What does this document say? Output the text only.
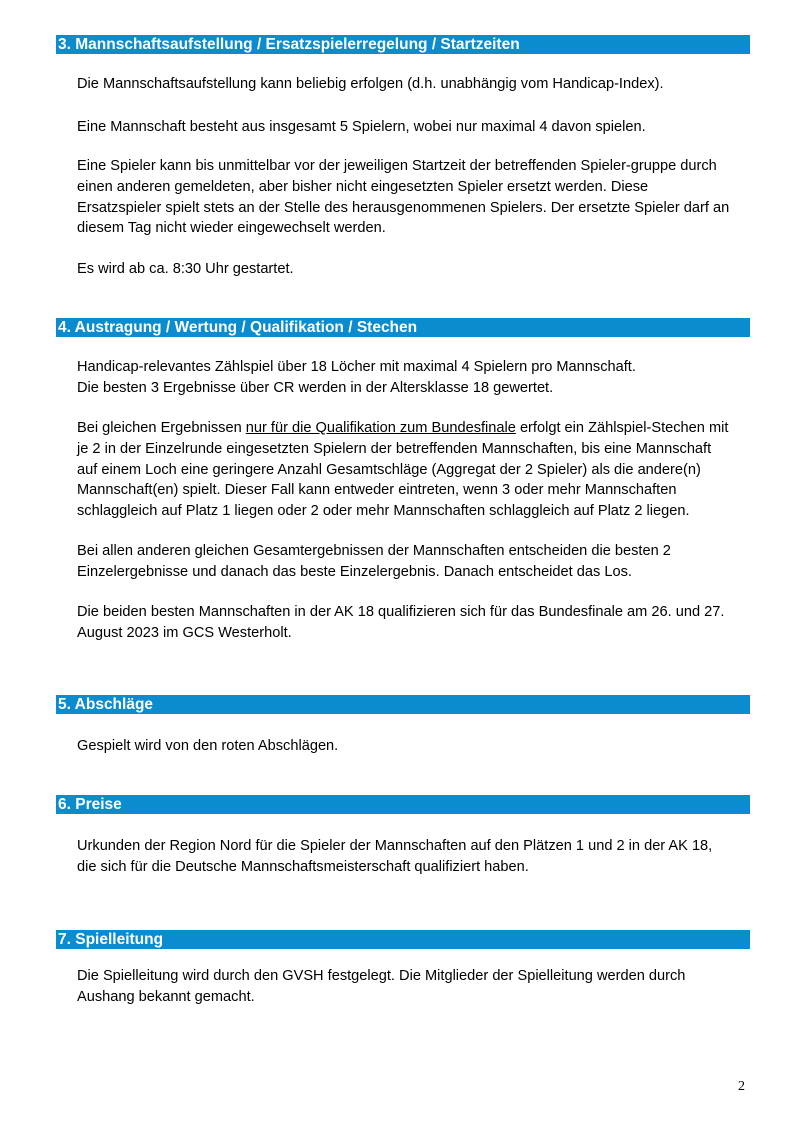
3. Mannschaftsaufstellung / Ersatzspielerregelung / Startzeiten
Die Mannschaftsaufstellung kann beliebig erfolgen (d.h. unabhängig vom Handicap-Index).
Eine Mannschaft besteht aus insgesamt 5 Spielern, wobei nur maximal 4 davon spielen.
Eine Spieler kann bis unmittelbar vor der jeweiligen Startzeit der betreffenden Spieler-gruppe durch
einen anderen gemeldeten, aber bisher nicht eingesetzten Spieler ersetzt werden. Diese
Ersatzspieler spielt stets an der Stelle des herausgenommenen Spielers. Der ersetzte Spieler darf an
diesem Tag nicht wieder eingewechselt werden.
Es wird ab ca. 8:30 Uhr gestartet.
4. Austragung / Wertung / Qualifikation / Stechen
Handicap-relevantes Zählspiel über 18 Löcher mit maximal 4 Spielern pro Mannschaft.
Die besten 3 Ergebnisse über CR werden in der Altersklasse 18 gewertet.
Bei gleichen Ergebnissen nur für die Qualifikation zum Bundesfinale erfolgt ein Zählspiel-Stechen mit
je 2 in der Einzelrunde eingesetzten Spielern der betreffenden Mannschaften, bis eine Mannschaft
auf einem Loch eine geringere Anzahl Gesamtschläge (Aggregat der 2 Spieler) als die andere(n)
Mannschaft(en) spielt. Dieser Fall kann entweder eintreten, wenn 3 oder mehr Mannschaften
schlaggleich auf Platz 1 liegen oder 2 oder mehr Mannschaften schlaggleich auf Platz 2 liegen.
Bei allen anderen gleichen Gesamtergebnissen der Mannschaften entscheiden die besten 2
Einzelergebnisse und danach das beste Einzelergebnis. Danach entscheidet das Los.
Die beiden besten Mannschaften in der AK 18 qualifizieren sich für das Bundesfinale am 26. und 27.
August 2023 im GCS Westerholt.
5. Abschläge
Gespielt wird von den roten Abschlägen.
6. Preise
Urkunden der Region Nord für die Spieler der Mannschaften auf den Plätzen 1 und 2 in der AK 18,
die sich für die Deutsche Mannschaftsmeisterschaft qualifiziert haben.
7. Spielleitung
Die Spielleitung wird durch den GVSH festgelegt. Die Mitglieder der Spielleitung werden durch
Aushang bekannt gemacht.
2
